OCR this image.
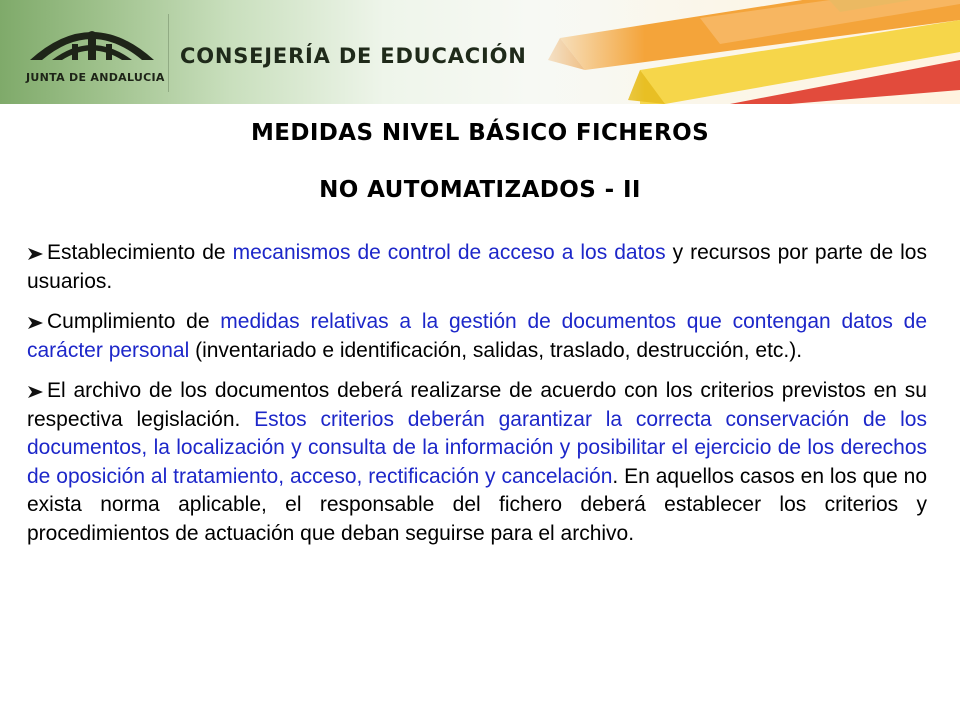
JUNTA DE ANDALUCIA
CONSEJERÍA DE EDUCACIÓN
MEDIDAS NIVEL BÁSICO FICHEROS
NO AUTOMATIZADOS - II

Establecimiento de mecanismos de control de acceso a los datos y recursos por parte de los usuarios.

Cumplimiento de medidas relativas a la gestión de documentos que contengan datos de carácter personal (inventariado e identificación, salidas, traslado, destrucción, etc.).

El archivo de los documentos deberá realizarse de acuerdo con los criterios previstos en su respectiva legislación. Estos criterios deberán garantizar la correcta conservación de los documentos, la localización y consulta de la información y posibilitar el ejercicio de los derechos de oposición al tratamiento, acceso, rectificación y cancelación. En aquellos casos en los que no exista norma aplicable, el responsable del fichero deberá establecer los criterios y procedimientos de actuación que deban seguirse para el archivo.
